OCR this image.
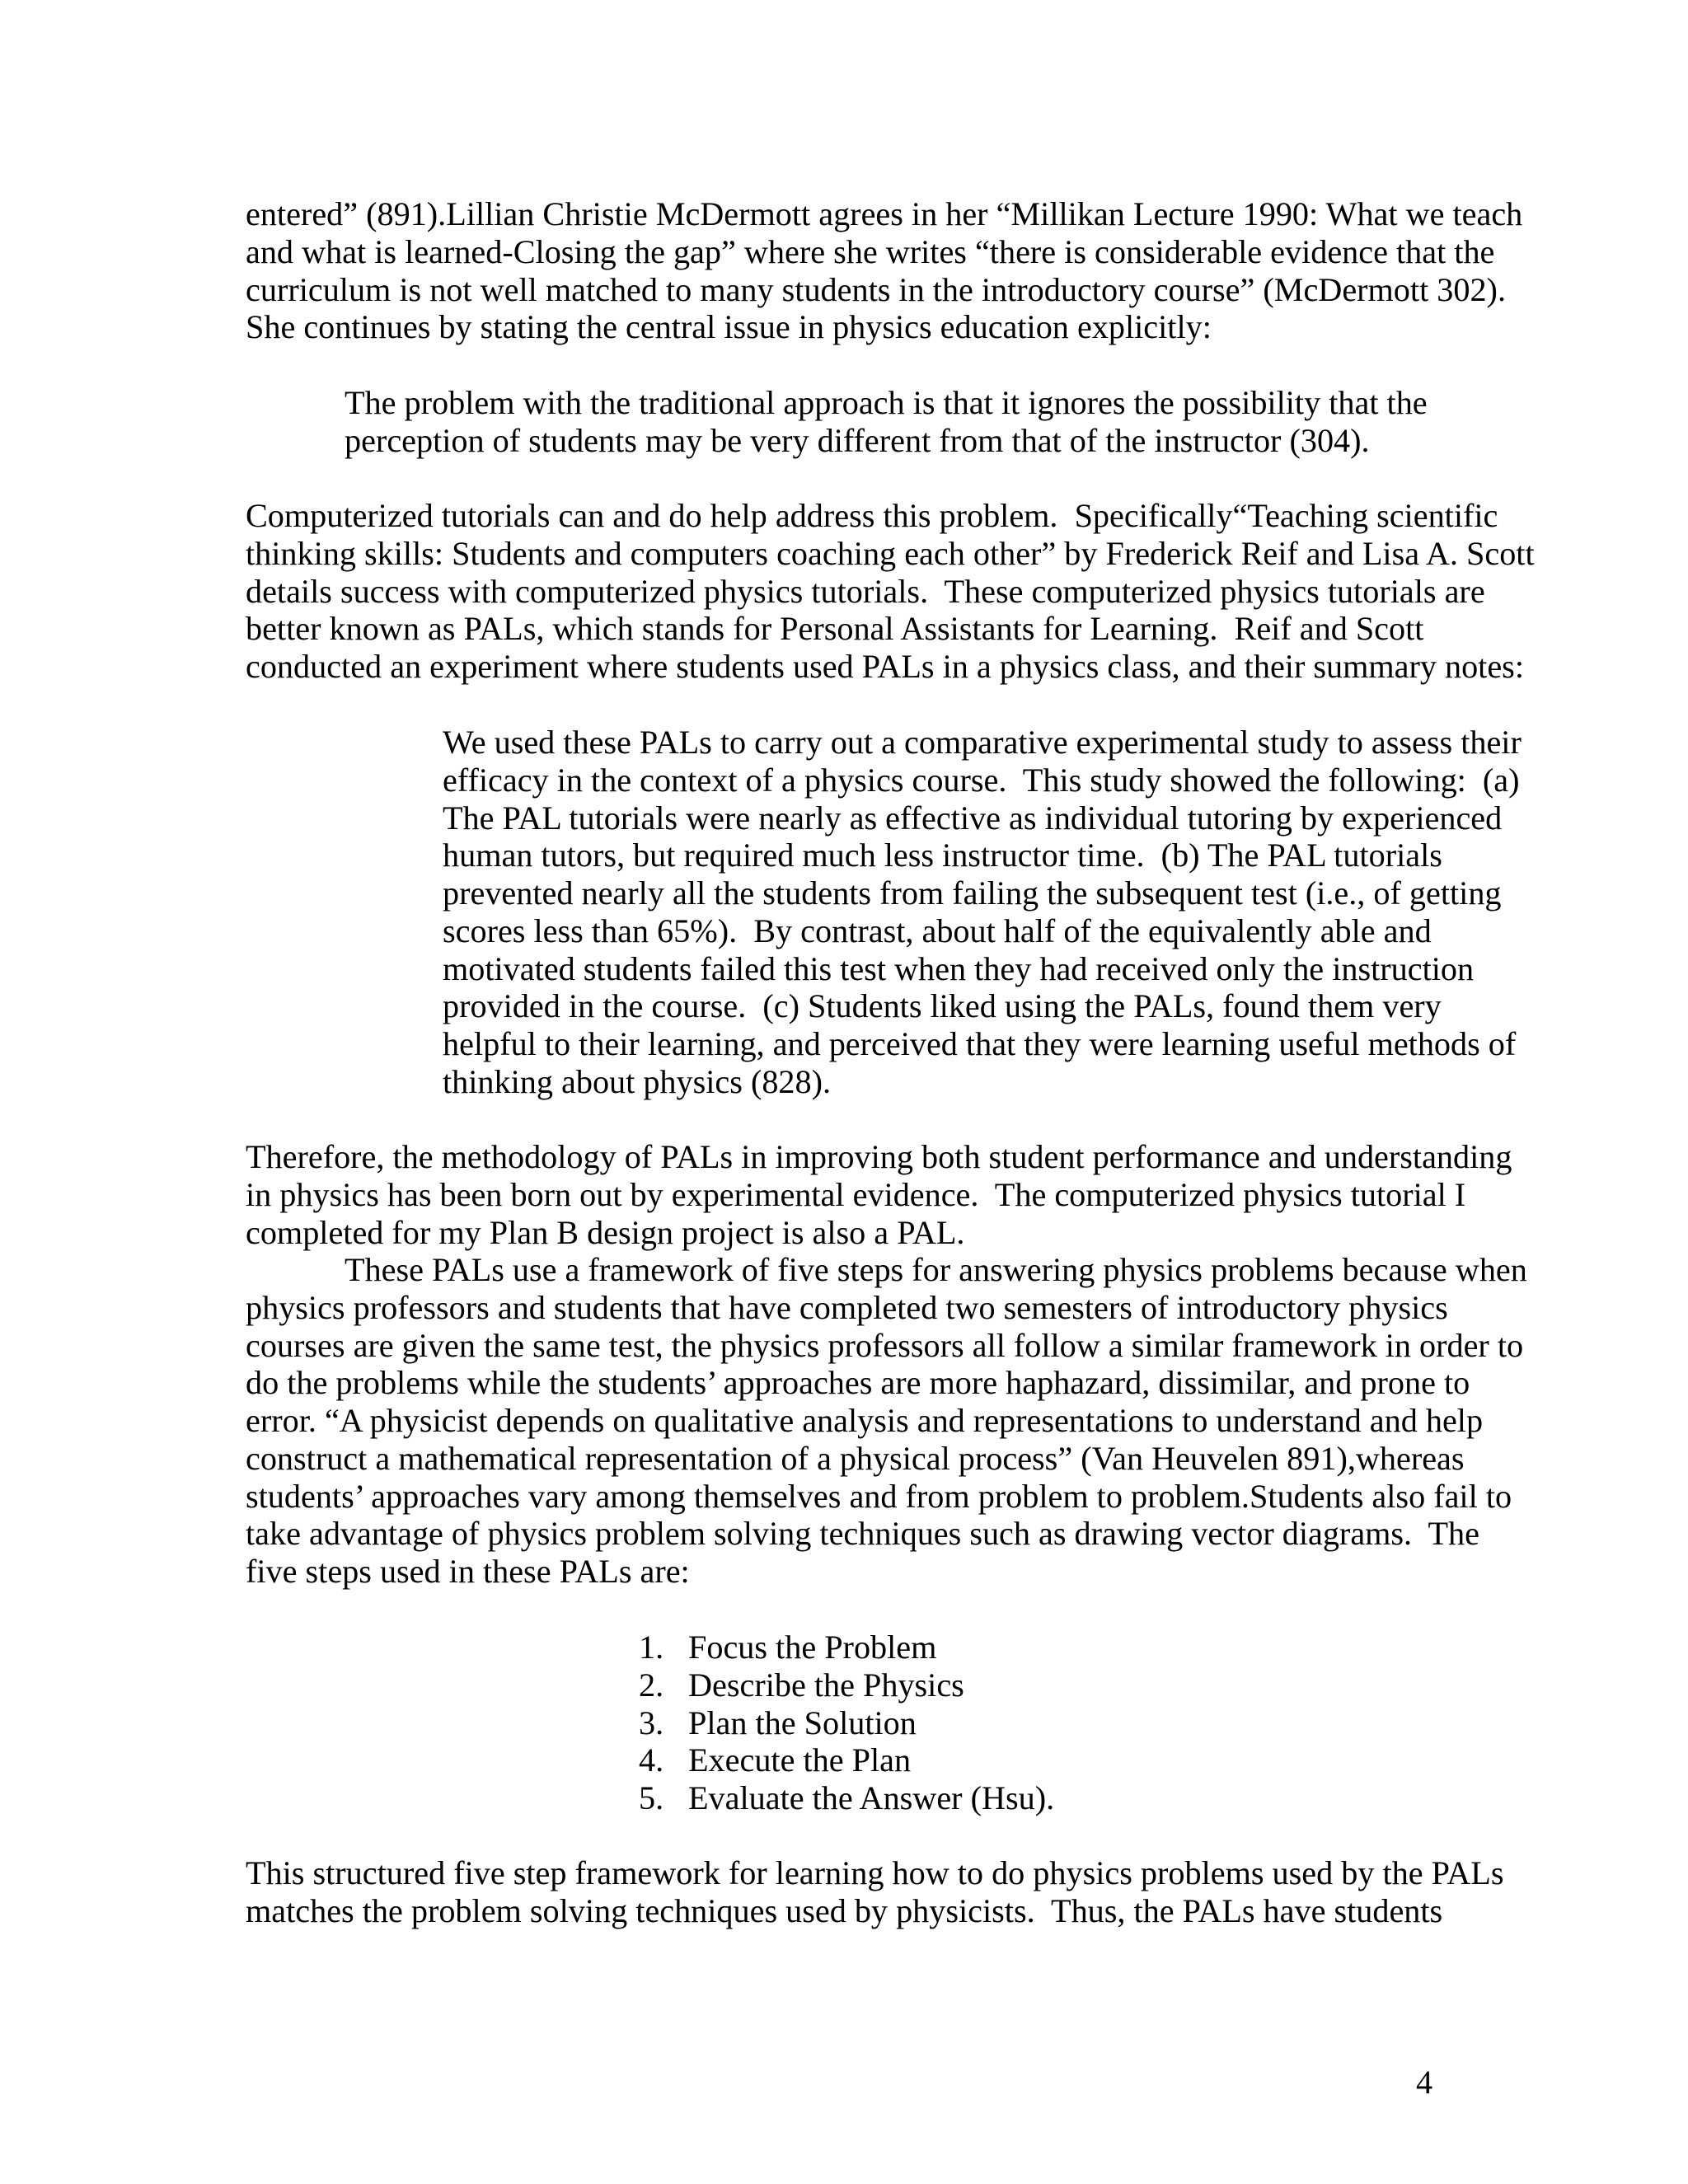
entered” (891).Lillian Christie McDermott agrees in her “Millikan Lecture 1990: What we teach
and what is learned-Closing the gap” where she writes “there is considerable evidence that the
curriculum is not well matched to many students in the introductory course” (McDermott 302).
She continues by stating the central issue in physics education explicitly:
The problem with the traditional approach is that it ignores the possibility that the
perception of students may be very different from that of the instructor (304).
Computerized tutorials can and do help address this problem.  Specifically“Teaching scientific
thinking skills: Students and computers coaching each other” by Frederick Reif and Lisa A. Scott
details success with computerized physics tutorials.  These computerized physics tutorials are
better known as PALs, which stands for Personal Assistants for Learning.  Reif and Scott
conducted an experiment where students used PALs in a physics class, and their summary notes:
We used these PALs to carry out a comparative experimental study to assess their
efficacy in the context of a physics course.  This study showed the following:  (a)
The PAL tutorials were nearly as effective as individual tutoring by experienced
human tutors, but required much less instructor time.  (b) The PAL tutorials
prevented nearly all the students from failing the subsequent test (i.e., of getting
scores less than 65%).  By contrast, about half of the equivalently able and
motivated students failed this test when they had received only the instruction
provided in the course.  (c) Students liked using the PALs, found them very
helpful to their learning, and perceived that they were learning useful methods of
thinking about physics (828).
Therefore, the methodology of PALs in improving both student performance and understanding
in physics has been born out by experimental evidence.  The computerized physics tutorial I
completed for my Plan B design project is also a PAL.
These PALs use a framework of five steps for answering physics problems because when
physics professors and students that have completed two semesters of introductory physics
courses are given the same test, the physics professors all follow a similar framework in order to
do the problems while the students’ approaches are more haphazard, dissimilar, and prone to
error. “A physicist depends on qualitative analysis and representations to understand and help
construct a mathematical representation of a physical process” (Van Heuvelen 891),whereas
students’ approaches vary among themselves and from problem to problem.Students also fail to
take advantage of physics problem solving techniques such as drawing vector diagrams.  The
five steps used in these PALs are:
1. Focus the Problem
2. Describe the Physics
3. Plan the Solution
4. Execute the Plan
5. Evaluate the Answer (Hsu).
This structured five step framework for learning how to do physics problems used by the PALs
matches the problem solving techniques used by physicists.  Thus, the PALs have students
4
